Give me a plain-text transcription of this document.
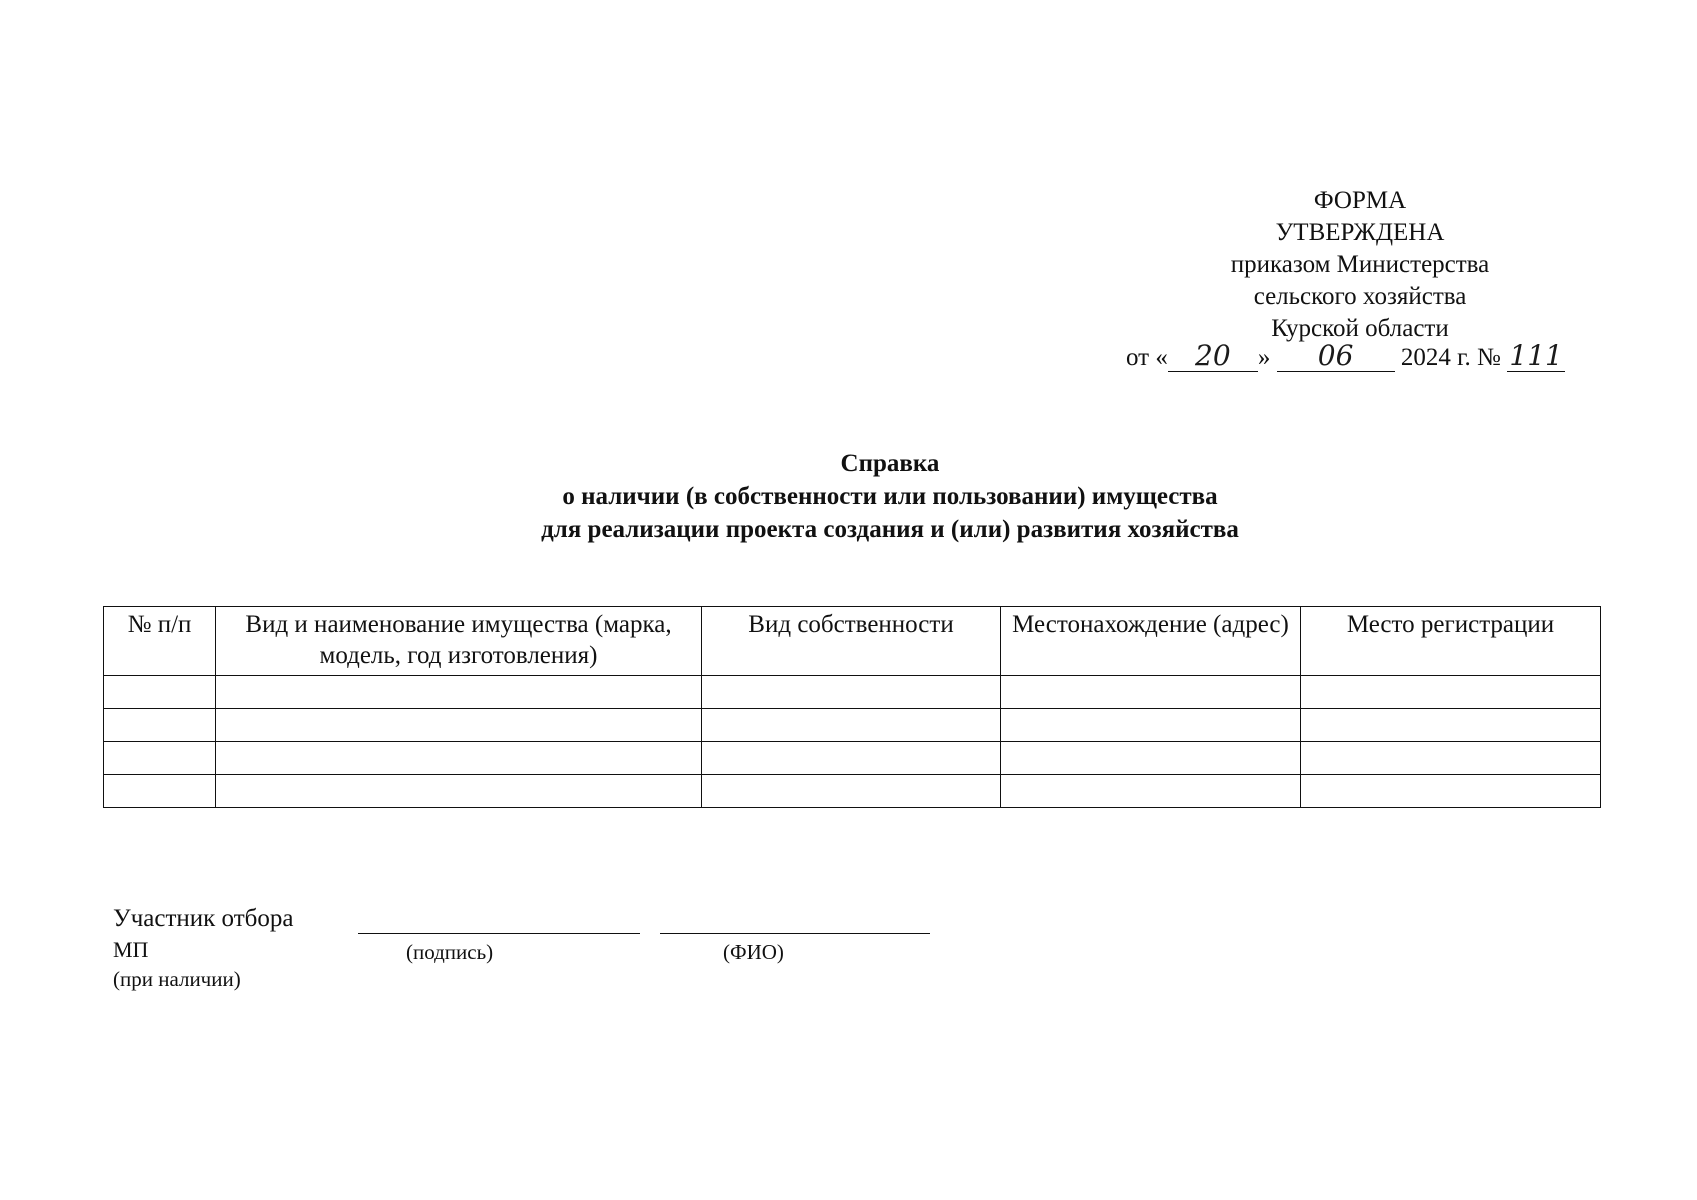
ФОРМА
УТВЕРЖДЕНА
приказом Министерства
сельского хозяйства
Курской области
от « 20 » 06 2024 г. № 111
Справка
о наличии (в собственности или пользовании) имущества
для реализации проекта создания и (или) развития хозяйства
№ п/п	Вид и наименование имущества (марка, модель, год изготовления)	Вид собственности	Местонахождение (адрес)	Место регистрации

Участник отбора
МП	(подпись)	(ФИО)
(при наличии)
